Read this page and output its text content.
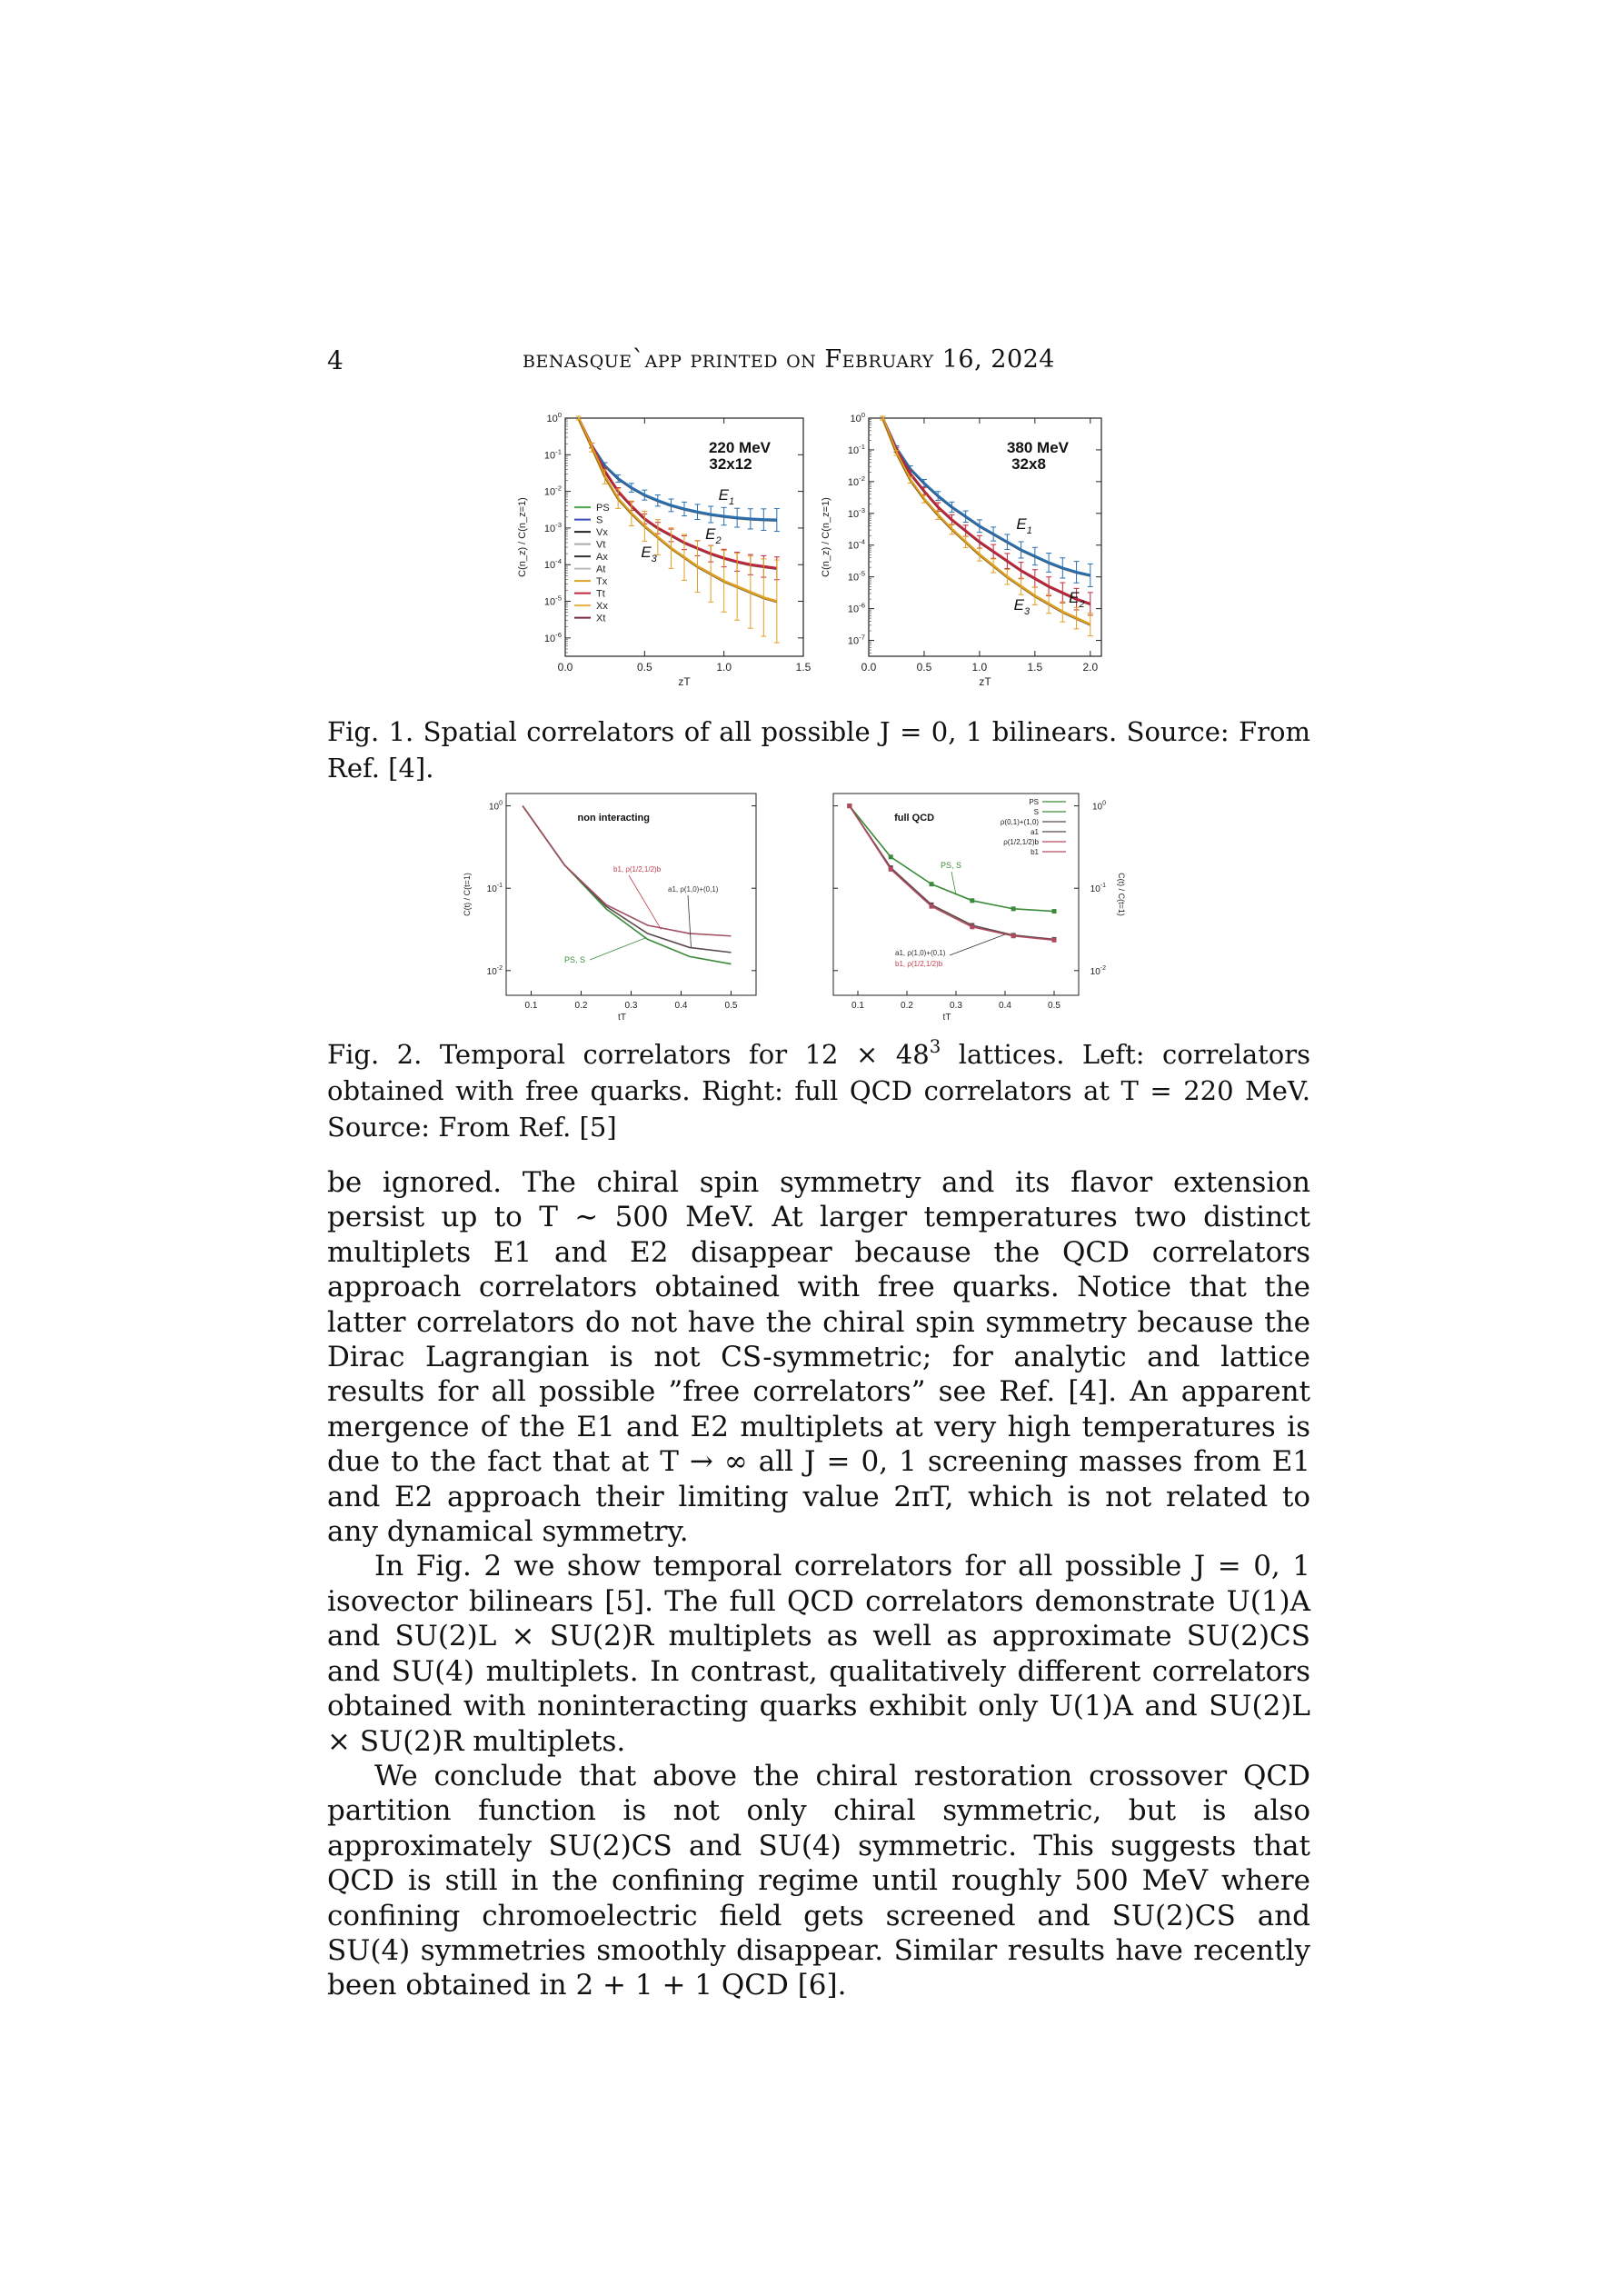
4	benasque`app printed on February 16, 2024
$10^0$
$10^{-1}$
$10^{-2}$
$10^{-3}$
$10^{-4}$
$10^{-5}$
$10^{-6}$
0.0	0.5	1.0	1.5
zT
C(n_z) / C(n_z=1)
220 MeV
32x12
$E_1$
$E_2$
$E_3$
PS
S
Vx
Vt
Ax
At
Tx
Tt
Xx
Xt
$10^0$
$10^{-1}$
$10^{-2}$
$10^{-3}$
$10^{-4}$
$10^{-5}$
$10^{-6}$
$10^{-7}$
0.0	0.5	1.0	1.5	2.0
zT
C(n_z) / C(n_z=1)
380 MeV
32x8
$E_1$
$E_2$
$E_3$
Fig. 1. Spatial correlators of all possible J = 0, 1 bilinears. Source: From Ref. [4].
$10^0$
$10^{-1}$
$10^{-2}$
0.1	0.2	0.3	0.4	0.5
tT
C(t) / C(t=1)
non interacting
b1, ρ(1/2,1/2)b
a1, ρ(1,0)+(0,1)
PS, S
$10^0$
$10^{-1}$
$10^{-2}$
0.1	0.2	0.3	0.4	0.5
tT
C(t) / C(t=1)
full QCD
PS, S
a1, ρ(1,0)+(0,1)
b1, ρ(1/2,1/2)b
PS
S
ρ(0,1)+(1,0)
a1
ρ(1/2,1/2)b
b1
Fig. 2. Temporal correlators for $12 \times 48^3$ lattices. Left: correlators obtained with free quarks. Right: full QCD correlators at T = 220 MeV. Source: From Ref. [5]

be ignored. The chiral spin symmetry and its flavor extension persist up to T ∼ 500 MeV. At larger temperatures two distinct multiplets E1 and E2 disappear because the QCD correlators approach correlators obtained with free quarks. Notice that the latter correlators do not have the chiral spin symmetry because the Dirac Lagrangian is not CS-symmetric; for analytic and lattice results for all possible ”free correlators” see Ref. [4]. An apparent mergence of the E1 and E2 multiplets at very high temperatures is due to the fact that at T → ∞ all J = 0, 1 screening masses from E1 and E2 approach their limiting value 2πT, which is not related to any dynamical symmetry.

In Fig. 2 we show temporal correlators for all possible J = 0, 1 isovector bilinears [5]. The full QCD correlators demonstrate U(1)A and SU(2)L × SU(2)R multiplets as well as approximate SU(2)CS and SU(4) multiplets. In contrast, qualitatively different correlators obtained with noninteracting quarks exhibit only U(1)A and SU(2)L × SU(2)R multiplets.

We conclude that above the chiral restoration crossover QCD partition function is not only chiral symmetric, but is also approximately SU(2)CS and SU(4) symmetric. This suggests that QCD is still in the confining regime until roughly 500 MeV where confining chromoelectric field gets screened and SU(2)CS and SU(4) symmetries smoothly disappear. Similar results have recently been obtained in 2 + 1 + 1 QCD [6].
